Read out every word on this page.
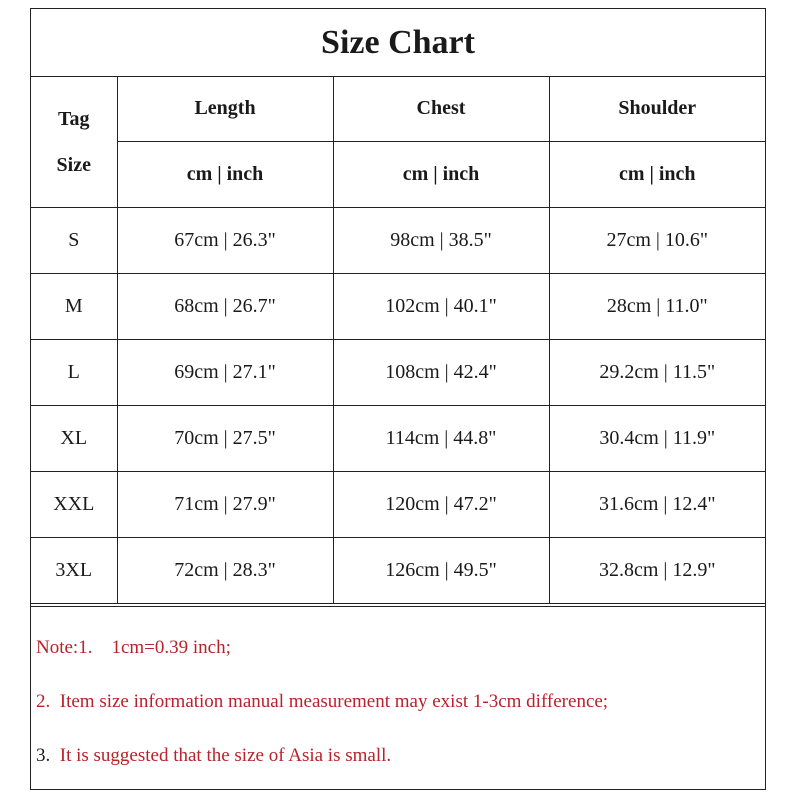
Size Chart
Tag
Size	Length	Chest	Shoulder
	cm | inch	cm | inch	cm | inch
S	67cm | 26.3"	98cm | 38.5"	27cm | 10.6"
M	68cm | 26.7"	102cm | 40.1"	28cm | 11.0"
L	69cm | 27.1"	108cm | 42.4"	29.2cm | 11.5"
XL	70cm | 27.5"	114cm | 44.8"	30.4cm | 11.9"
XXL	71cm | 27.9"	120cm | 47.2"	31.6cm | 12.4"
3XL	72cm | 28.3"	126cm | 49.5"	32.8cm | 12.9"
Note:1.    1cm=0.39 inch;
2.  Item size information manual measurement may exist 1-3cm difference;
3.  It is suggested that the size of Asia is small.
